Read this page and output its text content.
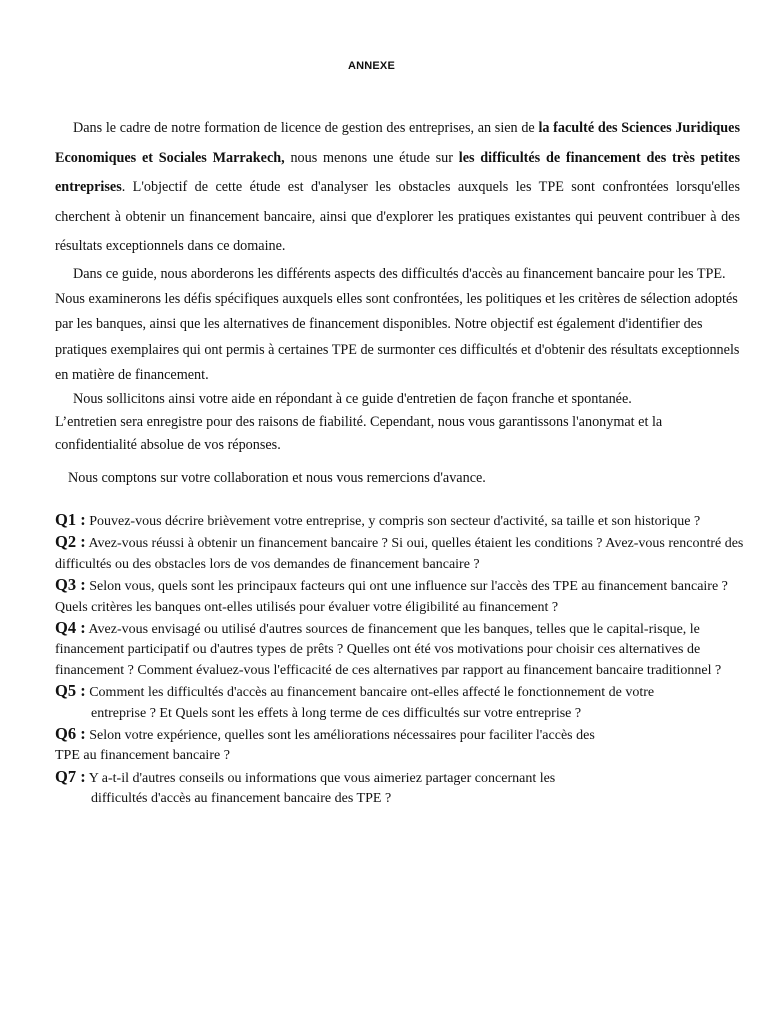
ANNEXE

Dans le cadre de notre formation de licence de gestion des entreprises, an sien de la faculté des Sciences Juridiques Economiques et Sociales Marrakech, nous menons une étude sur les difficultés de financement des très petites entreprises. L'objectif de cette étude est d'analyser les obstacles auxquels les TPE sont confrontées lorsqu'elles cherchent à obtenir un financement bancaire, ainsi que d'explorer les pratiques existantes qui peuvent contribuer à des résultats exceptionnels dans ce domaine.

Dans ce guide, nous aborderons les différents aspects des difficultés d'accès au financement bancaire pour les TPE. Nous examinerons les défis spécifiques auxquels elles sont confrontées, les politiques et les critères de sélection adoptés par les banques, ainsi que les alternatives de financement disponibles. Notre objectif est également d'identifier des pratiques exemplaires qui ont permis à certaines TPE de surmonter ces difficultés et d'obtenir des résultats exceptionnels en matière de financement.

Nous sollicitons ainsi votre aide en répondant à ce guide d'entretien de façon franche et spontanée.
L’entretien sera enregistre pour des raisons de fiabilité. Cependant, nous vous garantissons l'anonymat et la confidentialité absolue de vos réponses.

Nous comptons sur votre collaboration et nous vous remercions d'avance.

Q1 : Pouvez-vous décrire brièvement votre entreprise, y compris son secteur d'activité, sa taille et son historique ?

Q2 : Avez-vous réussi à obtenir un financement bancaire ? Si oui, quelles étaient les conditions ? Avez-vous rencontré des difficultés ou des obstacles lors de vos demandes de financement bancaire ?

Q3 : Selon vous, quels sont les principaux facteurs qui ont une influence sur l'accès des TPE au financement bancaire ? Quels critères les banques ont-elles utilisés pour évaluer votre éligibilité au financement ?

Q4 : Avez-vous envisagé ou utilisé d'autres sources de financement que les banques, telles que le capital-risque, le financement participatif ou d'autres types de prêts ? Quelles ont été vos motivations pour choisir ces alternatives de financement ? Comment évaluez-vous l'efficacité de ces alternatives par rapport au financement bancaire traditionnel ?

Q5 : Comment les difficultés d'accès au financement bancaire ont-elles affecté le fonctionnement de votre
entreprise ? Et Quels sont les effets à long terme de ces difficultés sur votre entreprise ?

Q6 : Selon votre expérience, quelles sont les améliorations nécessaires pour faciliter l'accès des
TPE au financement bancaire ?

Q7 : Y a-t-il d'autres conseils ou informations que vous aimeriez partager concernant les
difficultés d'accès au financement bancaire des TPE ?
